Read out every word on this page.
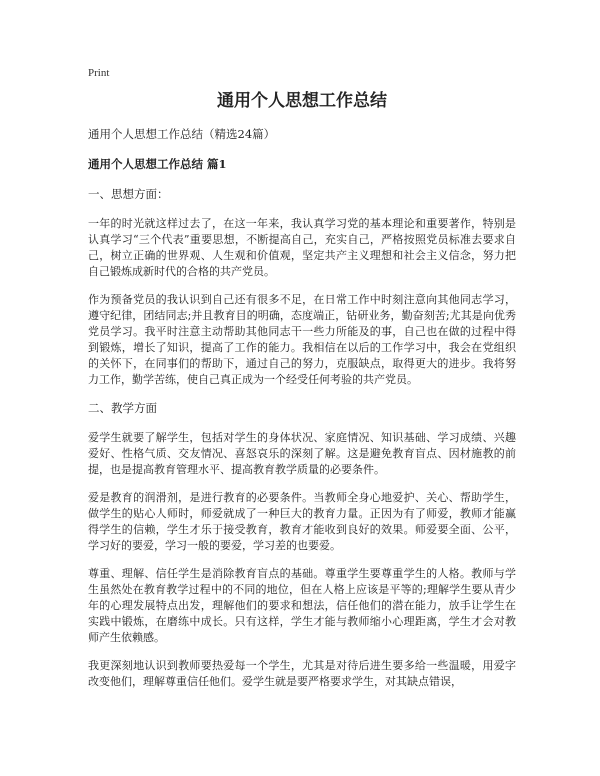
Print
通用个人思想工作总结
通用个人思想工作总结（精选24篇）
通用个人思想工作总结 篇1
一、思想方面：

一年的时光就这样过去了，在这一年来，我认真学习党的基本理论和重要著作，特别是认真学习“三个代表”重要思想，不断提高自己，充实自己，严格按照党员标准去要求自己，树立正确的世界观、人生观和价值观，坚定共产主义理想和社会主义信念，努力把自己锻炼成新时代的合格的共产党员。

作为预备党员的我认识到自己还有很多不足，在日常工作中时刻注意向其他同志学习，遵守纪律，团结同志;并且教育目的明确，态度端正，钻研业务，勤奋刻苦;尤其是向优秀党员学习。我平时注意主动帮助其他同志干一些力所能及的事，自己也在做的过程中得到锻炼，增长了知识，提高了工作的能力。我相信在以后的工作学习中，我会在党组织的关怀下，在同事们的帮助下，通过自己的努力，克服缺点，取得更大的进步。我将努力工作，勤学苦练，使自己真正成为一个经受任何考验的共产党员。

二、教学方面

爱学生就要了解学生，包括对学生的身体状况、家庭情况、知识基础、学习成绩、兴趣爱好、性格气质、交友情况、喜怒哀乐的深刻了解。这是避免教育盲点、因材施教的前提，也是提高教育管理水平、提高教育教学质量的必要条件。

爱是教育的润滑剂，是进行教育的必要条件。当教师全身心地爱护、关心、帮助学生，做学生的贴心人师时，师爱就成了一种巨大的教育力量。正因为有了师爱，教师才能赢得学生的信赖，学生才乐于接受教育，教育才能收到良好的效果。师爱要全面、公平，学习好的要爱，学习一般的要爱，学习差的也要爱。

尊重、理解、信任学生是消除教育盲点的基础。尊重学生要尊重学生的人格。教师与学生虽然处在教育教学过程中的不同的地位，但在人格上应该是平等的;理解学生要从青少年的心理发展特点出发，理解他们的要求和想法，信任他们的潜在能力，放手让学生在实践中锻炼，在磨练中成长。只有这样，学生才能与教师缩小心理距离，学生才会对教师产生依赖感。

我更深刻地认识到教师要热爱每一个学生，尤其是对待后进生要多给一些温暖，用爱字改变他们，理解尊重信任他们。爱学生就是要严格要求学生，对其缺点错误，
